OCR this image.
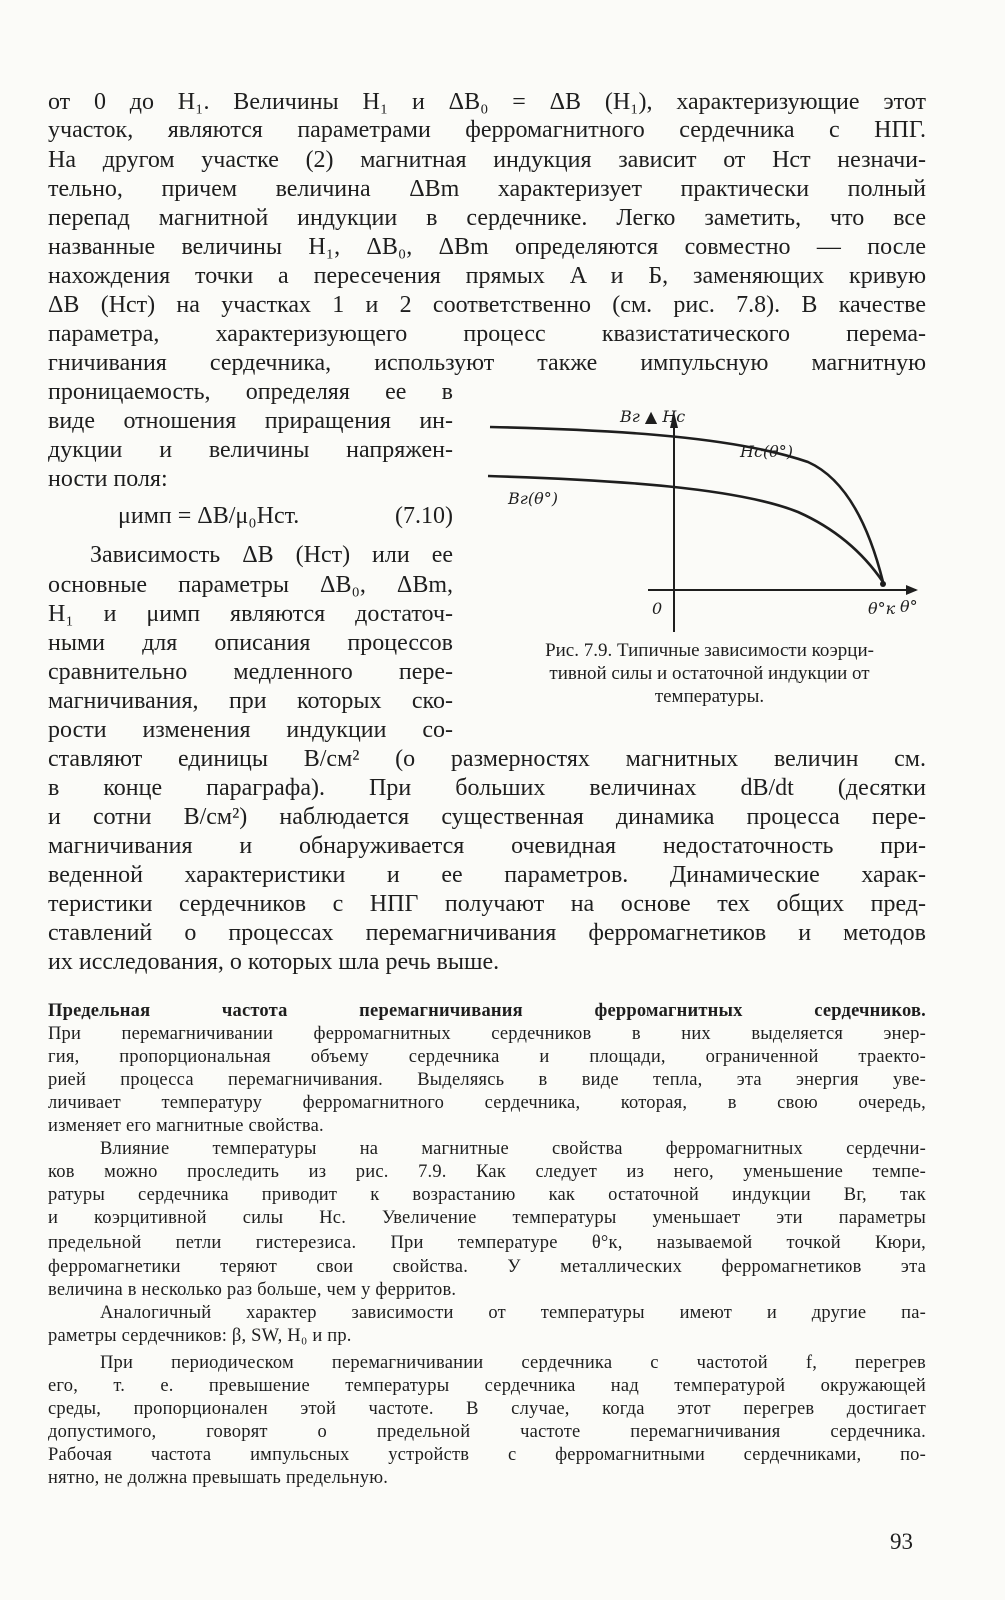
от 0 до H₁. Величины H₁ и ΔB₀ = ΔB (H₁), характеризующие этот
участок, являются параметрами ферромагнитного сердечника с НПГ.
На другом участке (2) магнитная индукция зависит от Hст незначи-
тельно, причем величина ΔBm характеризует практически полный
перепад магнитной индукции в сердечнике. Легко заметить, что все
названные величины H₁, ΔB₀, ΔBm определяются совместно — после
нахождения точки a пересечения прямых A и Б, заменяющих кривую
ΔB (Hст) на участках 1 и 2 соответственно (см. рис. 7.8). В качестве
параметра, характеризующего процесс квазистатического перема-
гничивания сердечника, используют также импульсную магнитную
проницаемость, определяя ее в
виде отношения приращения ин-
дукции и величины напряжен-
ности поля:
μимп = ΔB/μ₀Hст.	(7.10)
Зависимость ΔB (Hст) или ее
основные параметры ΔB₀, ΔBm,
H₁ и μимп являются достаточ-
ными для описания процессов
сравнительно медленного пере-
магничивания, при которых ско-
рости изменения индукции со-
Bг ▲ Hc
Hc(θ°)
Bг(θ°)
0	θ°к θ°
Рис. 7.9. Типичные зависимости коэрци-
тивной силы и остаточной индукции от
температуры.
ставляют единицы В/см² (о размерностях магнитных величин см.
в конце параграфа). При больших величинах dB/dt (десятки
и сотни В/см²) наблюдается существенная динамика процесса пере-
магничивания и обнаруживается очевидная недостаточность при-
веденной характеристики и ее параметров. Динамические харак-
теристики сердечников с НПГ получают на основе тех общих пред-
ставлений о процессах перемагничивания ферромагнетиков и методов
их исследования, о которых шла речь выше.
Предельная частота перемагничивания ферромагнитных сердечников.
При перемагничивании ферромагнитных сердечников в них выделяется энер-
гия, пропорциональная объему сердечника и площади, ограниченной траекто-
рией процесса перемагничивания. Выделяясь в виде тепла, эта энергия уве-
личивает температуру ферромагнитного сердечника, которая, в свою очередь,
изменяет его магнитные свойства.
Влияние температуры на магнитные свойства ферромагнитных сердечни-
ков можно проследить из рис. 7.9. Как следует из него, уменьшение темпе-
ратуры сердечника приводит к возрастанию как остаточной индукции Bг, так
и коэрцитивной силы Hc. Увеличение температуры уменьшает эти параметры
предельной петли гистерезиса. При температуре θ°к, называемой точкой Кюри,
ферромагнетики теряют свои свойства. У металлических ферромагнетиков эта
величина в несколько раз больше, чем у ферритов.
Аналогичный характер зависимости от температуры имеют и другие па-
раметры сердечников: β, SW, H₀ и пр.
При периодическом перемагничивании сердечника с частотой f, перегрев
его, т. е. превышение температуры сердечника над температурой окружающей
среды, пропорционален этой частоте. В случае, когда этот перегрев достигает
допустимого, говорят о предельной частоте перемагничивания сердечника.
Рабочая частота импульсных устройств с ферромагнитными сердечниками, по-
нятно, не должна превышать предельную.
93
